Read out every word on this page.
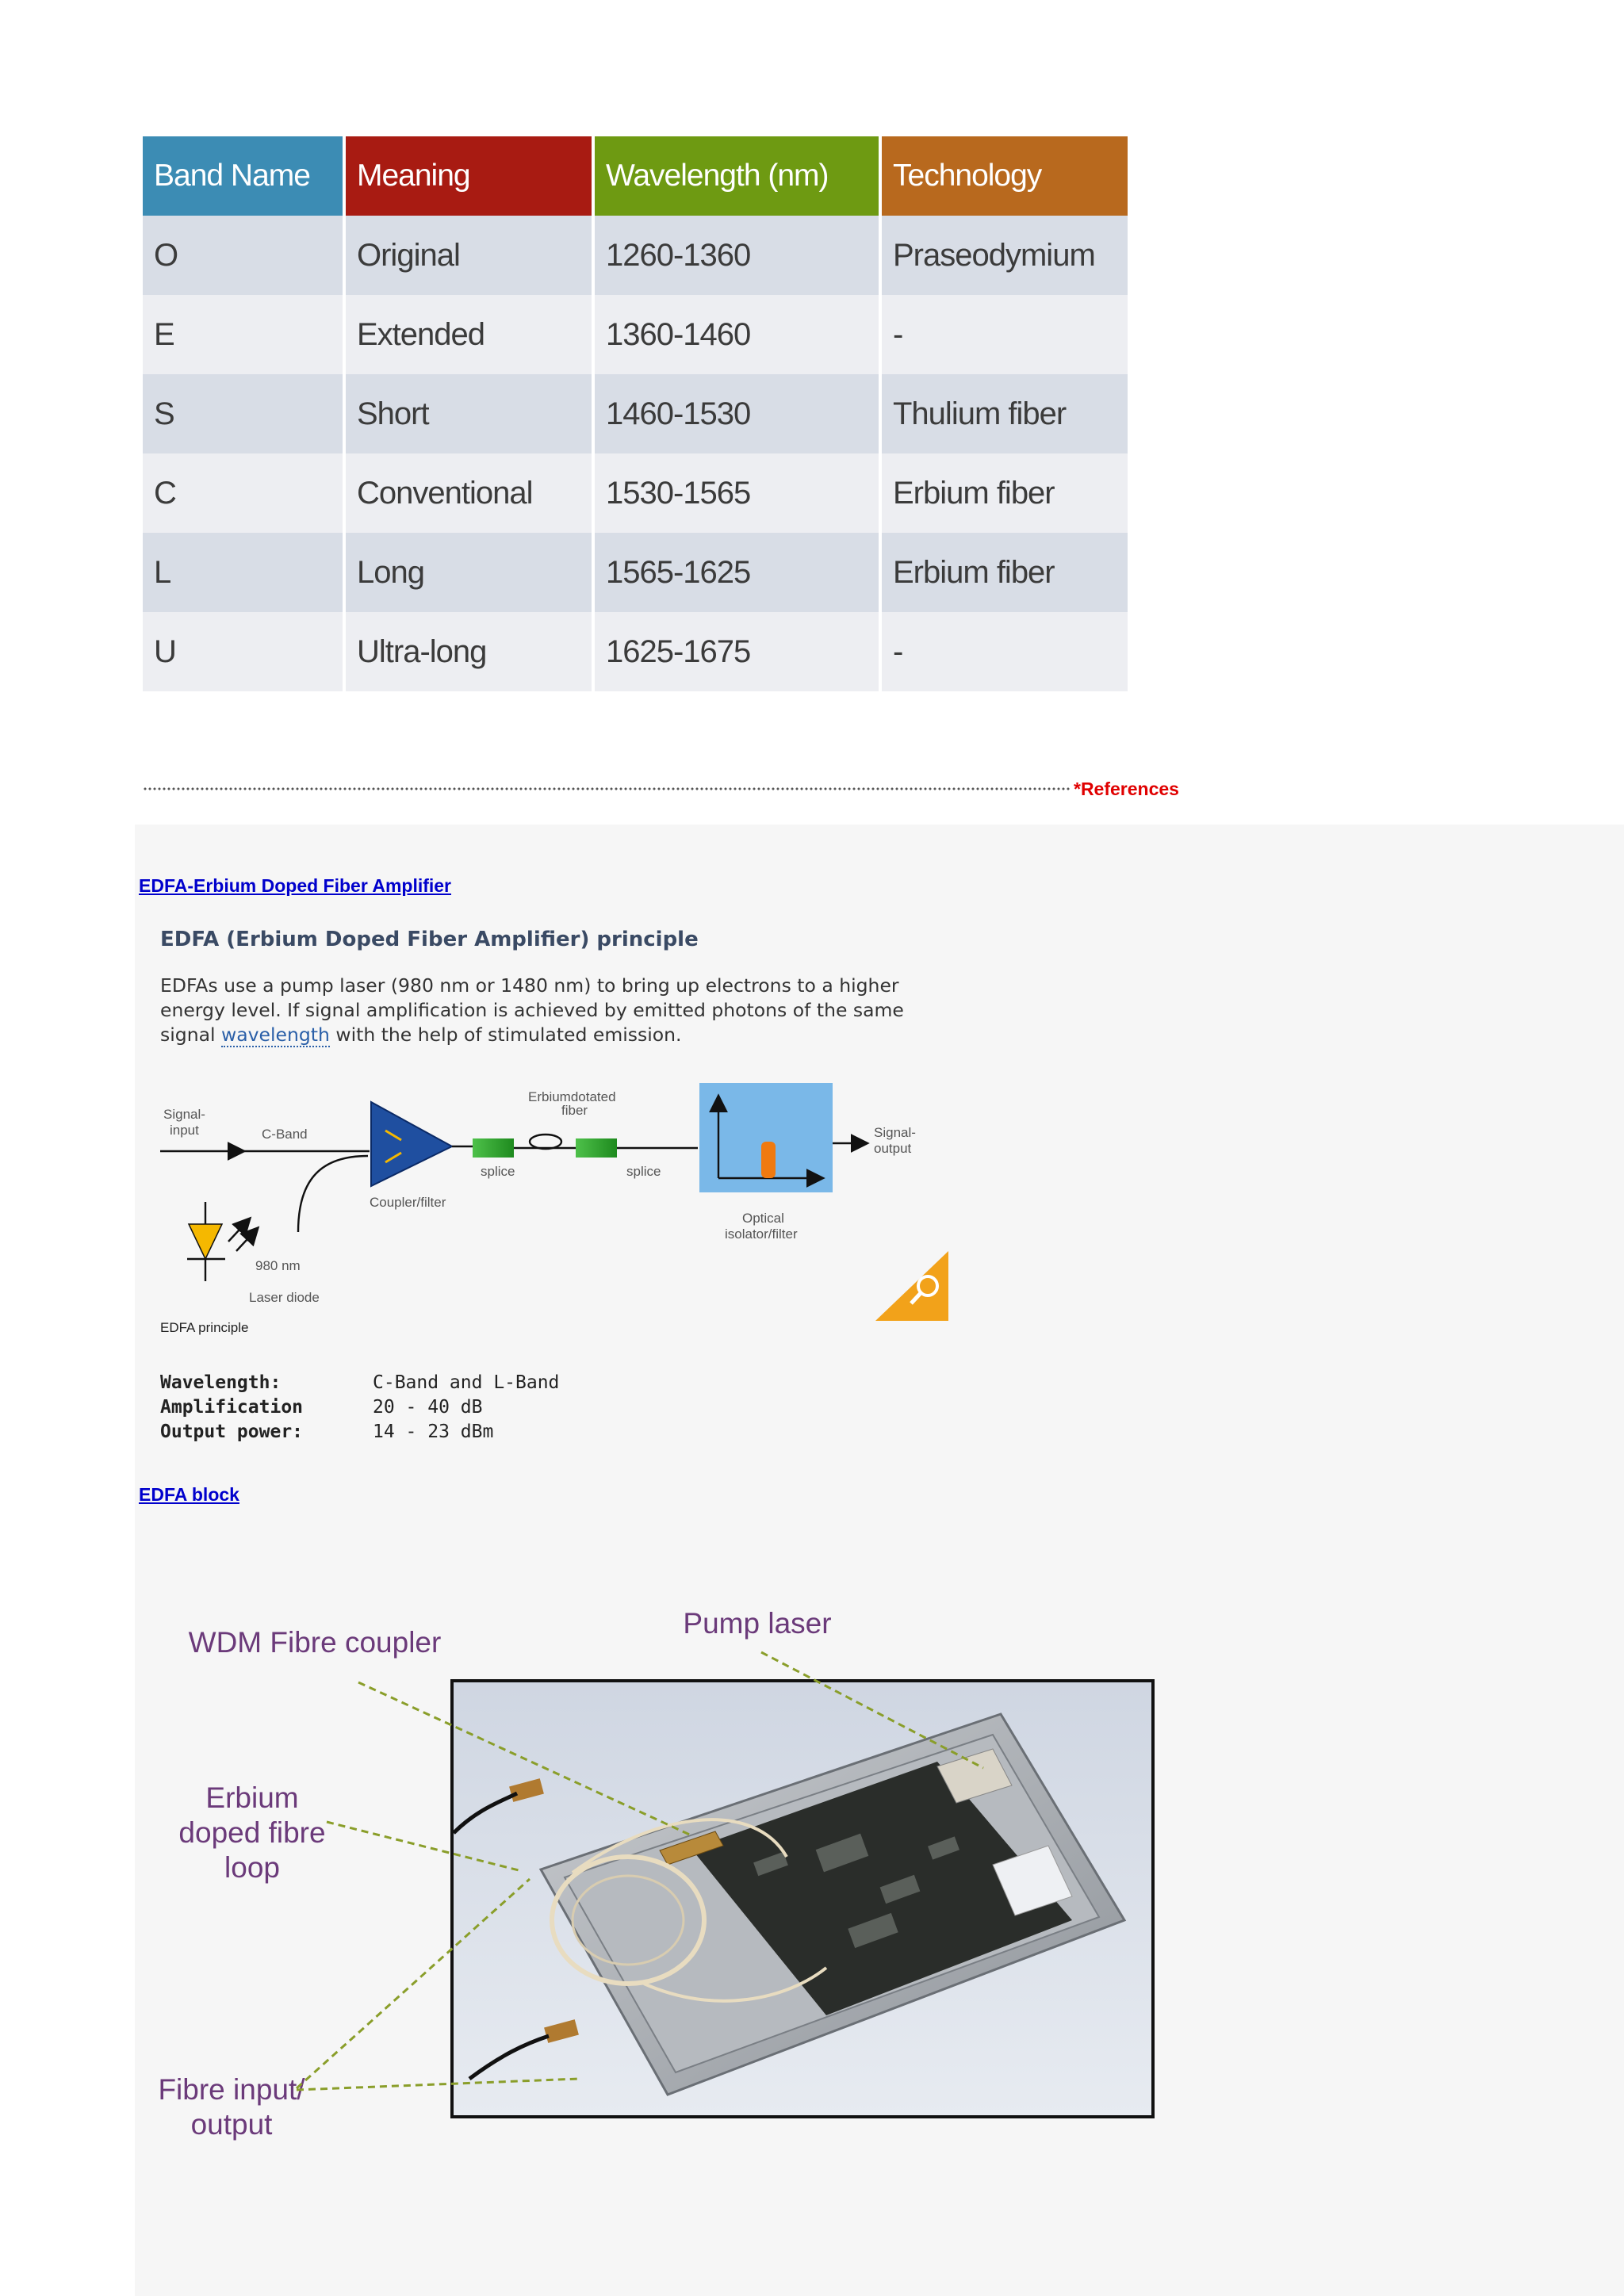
Band Name	Meaning	Wavelength (nm)	Technology
O	Original	1260-1360	Praseodymium
E	Extended	1360-1460	-
S	Short	1460-1530	Thulium fiber
C	Conventional	1530-1565	Erbium fiber
L	Long	1565-1625	Erbium fiber
U	Ultra-long	1625-1675	-
*References
EDFA-Erbium Doped Fiber Amplifier
EDFA (Erbium Doped Fiber Amplifier) principle
EDFAs use a pump laser (980 nm or 1480 nm) to bring up electrons to a higher energy level. If signal amplification is achieved by emitted photons of the same signal wavelength with the help of stimulated emission.
Signal-
input	C-Band
Coupler/filter
splice
Erbiumdotated
fiber
splice
Optical
isolator/filter
Signal-
output
980 nm
Laser diode
EDFA principle
Wavelength:	C-Band and L-Band
Amplification	20 - 40 dB
Output power:	14 - 23 dBm
EDFA block
WDM Fibre coupler
Pump laser
Erbium
doped fibre
loop
Fibre input/
output
